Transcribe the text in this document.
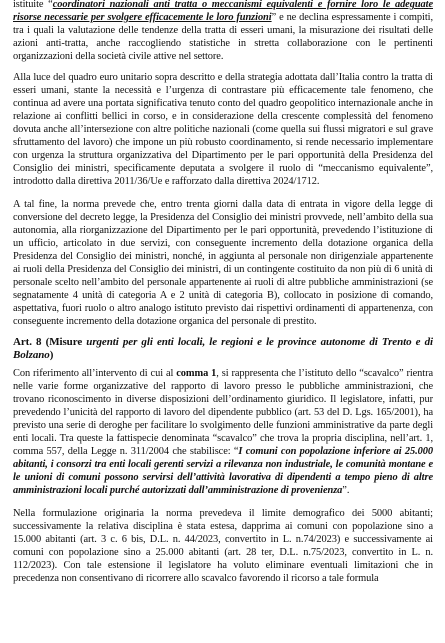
istituite “coordinatori nazionali anti tratta o meccanismi equivalenti e fornire loro le adeguate risorse necessarie per svolgere efficacemente le loro funzioni” e ne declina espressamente i compiti, tra i quali la valutazione delle tendenze della tratta di esseri umani, la misurazione dei risultati delle azioni anti-tratta, anche raccogliendo statistiche in stretta collaborazione con le pertinenti organizzazioni della società civile attive nel settore.

Alla luce del quadro euro unitario sopra descritto e della strategia adottata dall’Italia contro la tratta di esseri umani, stante la necessità e l’urgenza di contrastare più efficacemente tale fenomeno, che continua ad avere una portata significativa tenuto conto del quadro geopolitico internazionale anche in relazione ai conflitti bellici in corso, e in considerazione della crescente complessità del fenomeno dovuta anche all’intersezione con altre politiche nazionali (come quella sui flussi migratori e sul grave sfruttamento del lavoro) che impone un più robusto coordinamento, si rende necessario implementare con urgenza la struttura organizzativa del Dipartimento per le pari opportunità della Presidenza del Consiglio dei ministri, specificamente deputata a svolgere il ruolo di “meccanismo equivalente”, introdotto dalla direttiva 2011/36/Ue e rafforzato dalla direttiva 2024/1712.

A tal fine, la norma prevede che, entro trenta giorni dalla data di entrata in vigore della legge di conversione del decreto legge, la Presidenza del Consiglio dei ministri provvede, nell’ambito della sua autonomia, alla riorganizzazione del Dipartimento per le pari opportunità, prevedendo l’istituzione di un ufficio, articolato in due servizi, con conseguente incremento della dotazione organica della Presidenza del Consiglio dei ministri, nonché, in aggiunta al personale non dirigenziale appartenente ai ruoli della Presidenza del Consiglio dei ministri, di un contingente costituito da non più di 6 unità di personale scelto nell’ambito del personale appartenente ai ruoli di altre pubbliche amministrazioni (se segnatamente 4 unità di categoria A e 2 unità di categoria B), collocato in posizione di comando, aspettativa, fuori ruolo o altro analogo istituto previsto dai rispettivi ordinamenti di appartenenza, con conseguente incremento della dotazione organica del personale di prestito.

Art. 8 (Misure urgenti per gli enti locali, le regioni e le province autonome di Trento e di Bolzano)

Con riferimento all’intervento di cui al comma 1, si rappresenta che l’istituto dello “scavalco” rientra nelle varie forme organizzative del rapporto di lavoro presso le pubbliche amministrazioni, che trovano riconoscimento in diverse disposizioni dell’ordinamento giuridico. Il legislatore, infatti, pur prevedendo l’unicità del rapporto di lavoro del dipendente pubblico (art. 53 del D. Lgs. 165/2001), ha previsto una serie di deroghe per facilitare lo svolgimento delle funzioni amministrative da parte degli enti locali. Tra queste la fattispecie denominata “scavalco” che trova la propria disciplina, nell’art. 1, comma 557, della Legge n. 311/2004 che stabilisce: “I comuni con popolazione inferiore ai 25.000 abitanti, i consorzi tra enti locali gerenti servizi a rilevanza non industriale, le comunità montane e le unioni di comuni possono servirsi dell’attività lavorativa di dipendenti a tempo pieno di altre amministrazioni locali purché autorizzati dall’amministrazione di provenienza”.

Nella formulazione originaria la norma prevedeva il limite demografico dei 5000 abitanti; successivamente la relativa disciplina è stata estesa, dapprima ai comuni con popolazione sino a 15.000 abitanti (art. 3 c. 6 bis, D.L. n. 44/2023, convertito in L. n.74/2023) e successivamente ai comuni con popolazione sino a 25.000 abitanti (art. 28 ter, D.L. n.75/2023, convertito in L. n. 112/2023). Con tale estensione il legislatore ha voluto eliminare eventuali limitazioni che in precedenza non consentivano di ricorrere allo scavalco favorendo il ricorso a tale formula
